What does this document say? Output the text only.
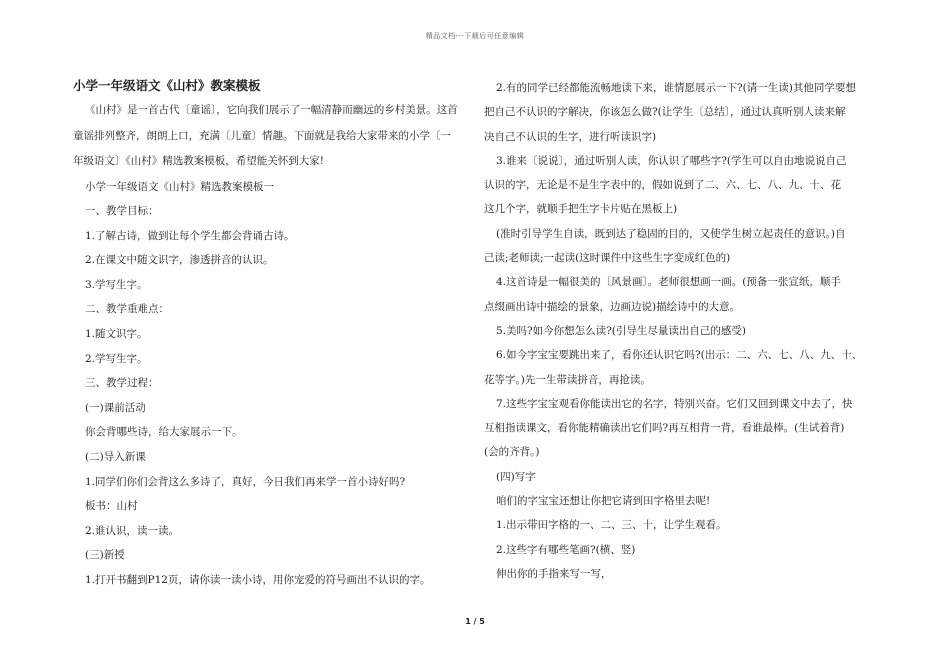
精品文档---下载后可任意编辑
小学一年级语文《山村》教案模板

《山村》是一首古代〔童谣〕，它向我们展示了一幅清静而幽远的乡村美景。这首童谣排列整齐，朗朗上口，充满〔儿童〕情趣。下面就是我给大家带来的小学〔一年级语文〕《山村》精选教案模板，希望能关怀到大家!

小学一年级语文《山村》精选教案模板一
一、教学目标：
1.了解古诗，做到让每个学生都会背诵古诗。
2.在课文中随文识字，渗透拼音的认识。
3.学写生字。
二、教学重难点：
1.随文识字。
2.学写生字。
三、教学过程：
(一)课前活动
你会背哪些诗，给大家展示一下。
(二)导入新课
1.同学们你们会背这么多诗了，真好，今日我们再来学一首小诗好吗?
板书：山村
2.谁认识，读一读。
(三)新授
1.打开书翻到P12页，请你读一读小诗，用你宠爱的符号画出不认识的字。
2.有的同学已经都能流畅地读下来，谁情愿展示一下?(请一生读)其他同学要想
把自己不认识的字解决，你该怎么做?(让学生〔总结〕，通过认真听别人读来解
决自己不认识的生字，进行听读识字)
3.谁来〔说说〕，通过听别人读，你认识了哪些字?(学生可以自由地说说自己
认识的字，无论是不是生字表中的，假如说到了二、六、七、八、九、十、花
这几个字，就顺手把生字卡片贴在黑板上)
(准时引导学生自读，既到达了稳固的目的，又使学生树立起责任的意识。)自
己读;老师读;一起读(这时课件中这些生字变成红色的)
4.这首诗是一幅很美的〔风景画〕。老师很想画一画。(预备一张宣纸，顺手
点缀画出诗中描绘的景象，边画边说)描绘诗中的大意。
5.美吗?如今你想怎么读?(引导生尽量读出自己的感受)
6.如今字宝宝要跳出来了，看你还认识它吗?(出示：二、六、七、八、九、十、
花等字。)先一生带读拼音，再抢读。
7.这些字宝宝观看你能读出它的名字，特别兴奋。它们又回到课文中去了，快
互相指读课文，看你能精确读出它们吗?再互相背一背，看谁最棒。(生试着背)
(会的齐背。)
(四)写字
咱们的字宝宝还想让你把它请到田字格里去呢!
1.出示带田字格的一、二、三、十，让学生观看。
2.这些字有哪些笔画?(横、竖)
伸出你的手指来写一写，
1 / 5
